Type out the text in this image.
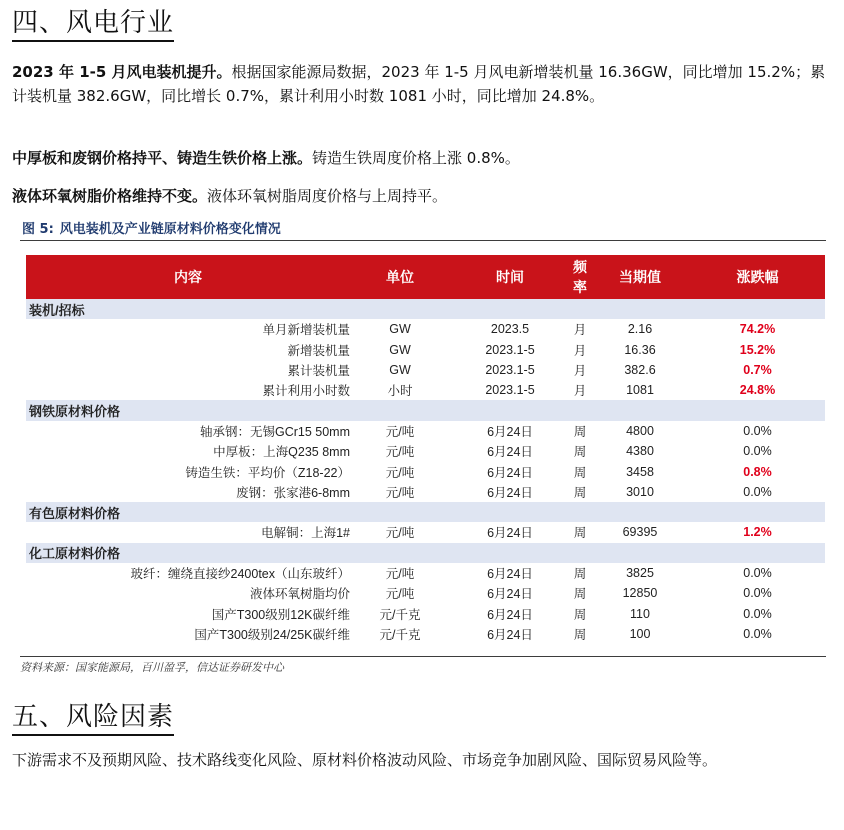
四、风电行业

2023 年 1-5 月风电装机提升。根据国家能源局数据，2023 年 1-5 月风电新增装机量 16.36GW，同比增加 15.2%；累计装机量 382.6GW，同比增长 0.7%，累计利用小时数 1081 小时，同比增加 24.8%。

中厚板和废钢价格持平、铸造生铁价格上涨。铸造生铁周度价格上涨 0.8%。

液体环氧树脂价格维持不变。液体环氧树脂周度价格与上周持平。

图 5: 风电装机及产业链原材料价格变化情况
内容	单位	时间	频率	当期值	涨跌幅
装机/招标					
单月新增装机量	GW	2023.5	月	2.16	74.2%
新增装机量	GW	2023.1-5	月	16.36	15.2%
累计装机量	GW	2023.1-5	月	382.6	0.7%
累计利用小时数	小时	2023.1-5	月	1081	24.8%
钢铁原材料价格					
轴承钢：无锡GCr15 50mm	元/吨	6月24日	周	4800	0.0%
中厚板：上海Q235 8mm	元/吨	6月24日	周	4380	0.0%
铸造生铁：平均价（Z18-22）	元/吨	6月24日	周	3458	0.8%
废钢：张家港6-8mm	元/吨	6月24日	周	3010	0.0%
有色原材料价格					
电解铜：上海1#	元/吨	6月24日	周	69395	1.2%
化工原材料价格					
玻纤：缠绕直接纱2400tex（山东玻纤）	元/吨	6月24日	周	3825	0.0%
液体环氧树脂均价	元/吨	6月24日	周	12850	0.0%
国产T300级别12K碳纤维	元/千克	6月24日	周	110	0.0%
国产T300级别24/25K碳纤维	元/千克	6月24日	周	100	0.0%
资料来源：国家能源局，百川盈孚，信达证券研发中心
五、风险因素

下游需求不及预期风险、技术路线变化风险、原材料价格波动风险、市场竞争加剧风险、国际贸易风险等。
